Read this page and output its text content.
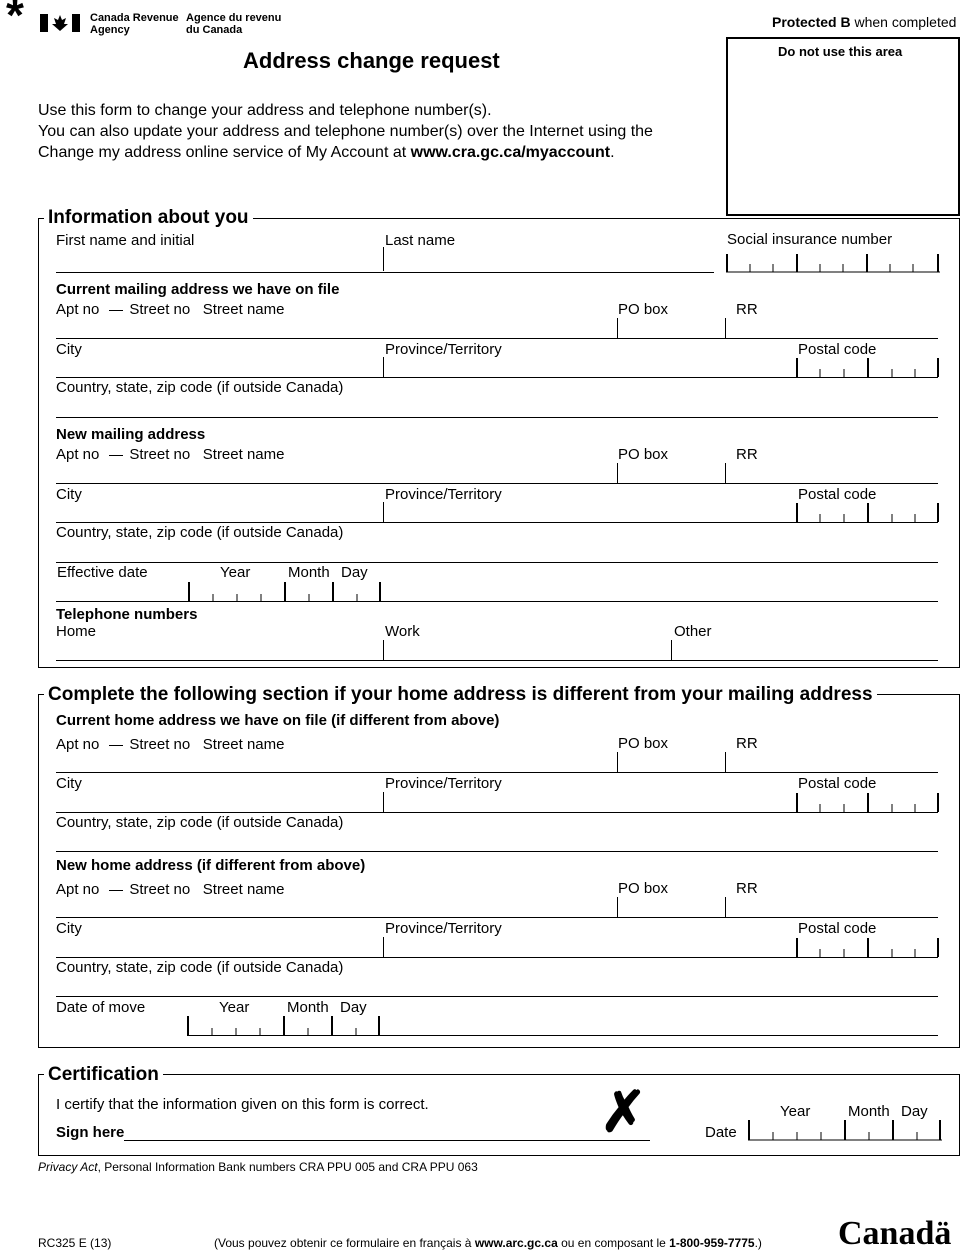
*	Canada Revenue
Agency
Agence du revenu
du Canada
Address change request
Protected B when completed
Do not use this area
Use this form to change your address and telephone number(s).
You can also update your address and telephone number(s) over the Internet using the
Change my address online service of My Account at www.cra.gc.ca/myaccount.
Information about you
First name and initial	Last name	Social insurance number
Current mailing address we have on file
Apt no Street no Street name	PO box	RR
City	Province/Territory	Postal code
Country, state, zip code (if outside Canada)
New mailing address
Apt no Street no Street name	PO box	RR
City	Province/Territory	Postal code
Country, state, zip code (if outside Canada)
Effective date	Year	Month Day
Telephone numbers
Home	Work	Other
Complete the following section if your home address is different from your mailing address
Current home address we have on file (if different from above)
Apt no Street no Street name	PO box	RR
City	Province/Territory	Postal code
Country, state, zip code (if outside Canada)
New home address (if different from above)
Apt no Street no Street name	PO box	RR
City	Province/Territory	Postal code
Country, state, zip code (if outside Canada)
Date of move	Year	Month Day
Certification
I certify that the information given on this form is correct.
Sign here	✗	Date
Year	Month Day
Privacy Act, Personal Information Bank numbers CRA PPU 005 and CRA PPU 063
RC325 E (13)	(Vous pouvez obtenir ce formulaire en français à www.arc.gc.ca ou en composant le 1-800-959-7775.) Canadä
